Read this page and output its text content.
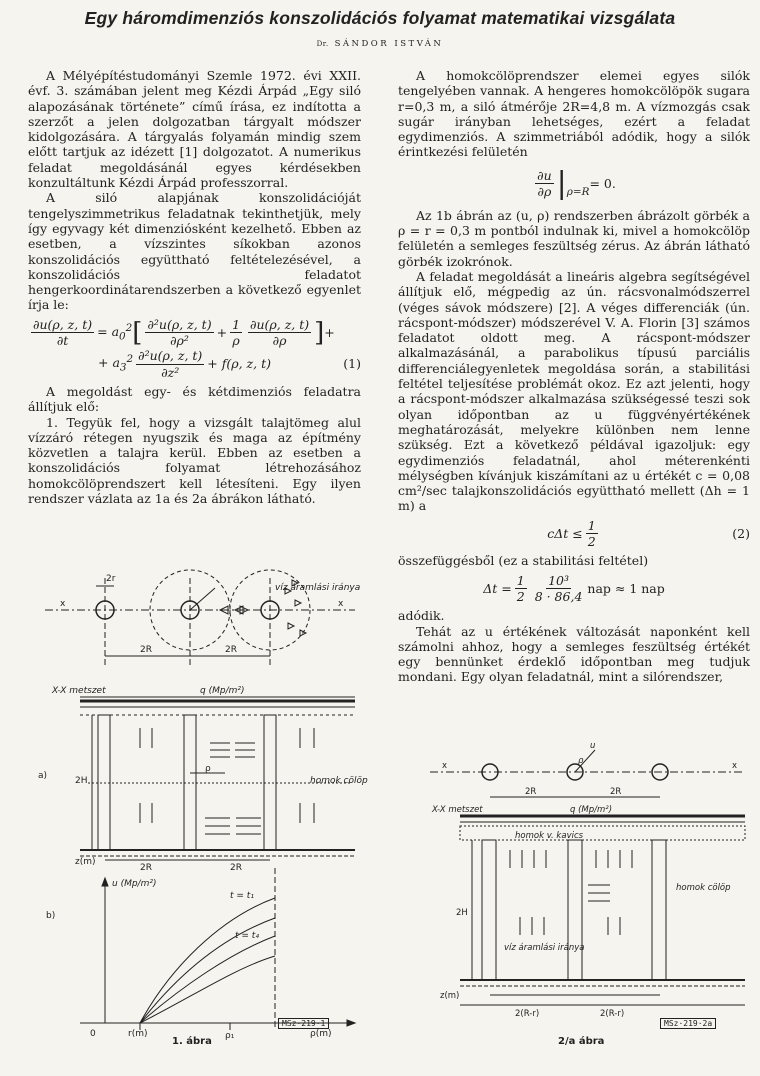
Egy háromdimenziós konszolidációs folyamat matematikai vizsgálata
Dr. SÁNDOR ISTVÁN

A Mélyépítéstudományi Szemle 1972. évi XXII. évf. 3. számában jelent meg Kézdi Árpád „Egy siló alapozásának története” című írása, ez indította a szerzőt a jelen dolgozatban tárgyalt módszer kidolgozására. A tárgyalás folyamán mindig szem előtt tartjuk az idézett [1] dolgozatot. A numerikus feladat megoldásánál egyes kérdésekben konzultáltunk Kézdi Árpád professzorral.

A siló alapjának konszolidációját tengelyszimmetrikus feladatnak tekinthetjük, mely így egyvagy két dimenziósként kezelhető. Ebben az esetben, a vízszintes síkokban azonos konszolidációs együttható feltételezésével, a konszolidációs feladatot hengerkoordinátarendszerben a következő egyenlet írja le:

$\frac{\partial u(\rho, z, t)}{\partial t} = a_0^2$ [ $\frac{\text{∂²u(ρ, z, t)}}{\text{∂ρ²}} + \frac{1}{\rho} \frac{\partial u(\rho, z, t)}{\partial\rho}$ ] +
+ $a_3^2 \frac{\text{∂²u(ρ, z, t)}}{\text{∂z²}} + f(\rho$, z, t)	(1)

A megoldást egy- és kétdimenziós feladatra állítjuk elő:

1. Tegyük fel, hogy a vizsgált talajtömeg alul vízzáró rétegen nyugszik és maga az építmény közvetlen a talajra kerül. Ebben az esetben a konszolidációs folyamat létrehozásához homokcölöprendszert kell létesíteni. Egy ilyen rendszer vázlata az 1a és 2a ábrákon látható.

A homokcölöprendszer elemei egyes silók tengelyében vannak. A hengeres homokcölöpök sugara r=0,3 m, a siló átmérője 2R=4,8 m. A vízmozgás csak sugár irányban lehetséges, ezért a feladat egydimenziós. A szimmetriából adódik, hogy a silók érintkezési felületén

$\frac{\partial u}{\partial\rho} |_{\rho=R}$
= 0.

Az 1b ábrán az (u, ρ) rendszerben ábrázolt görbék a ρ = r = 0,3 m pontból indulnak ki, mivel a homokcölöp felületén a semleges feszültség zérus. Az ábrán látható görbék izokrónok.

A feladat megoldását a lineáris algebra segítségével állítjuk elő, mégpedig az ún. rácsvonalmódszerrel (véges sávok módszere) [2]. A véges differenciák (ún. rácspont-módszer) módszerével V. A. Florin [3] számos feladatot oldott meg. A rácspont-módszer alkalmazásánál, a parabolikus típusú parciális differenciálegyenletek megoldása során, a stabilitási feltétel teljesítése problémát okoz. Ez azt jelenti, hogy a rácspont-módszer alkalmazása szükségessé teszi sok olyan időpontban az u függvényértékének meghatározását, melyekre különben nem lenne szükség. Ezt a következő példával igazoljuk: egy egydimenziós feladatnál, ahol méterenkénti mélységben kívánjuk kiszámítani az u értékét c = 0,08 cm²/sec talajkonszolidációs együttható mellett (Δh = 1 m) a

$c\Delta t \le \frac{1}{2}$	(2)

összefüggésből (ez a stabilitási feltétel)

$\Delta t = \frac{1}{2} \frac{\text{10³}}{8 \cdot 86,4}$ nap ≈ 1 nap

adódik.

Tehát az u értékének változását naponként kell számolni ahhoz, hogy a semleges feszültség értékét egy bennünket érdeklő időpontban meg tudjuk mondani. Egy olyan feladatnál, mint a silórendszer,

x	x
2r
2R	2R
víz áramlási iránya
X-X metszet	q (Mp/m²)
homok cölöp
2H
a)
ρ
z(m)
2R	2R
b)
u (Mp/m²)
t = t₁
t = t₄
0	r(m)	ρ₁	ρ(m)
1. ábra
MSz·219·1
x	x
2R	2R
u
ρ
X-X metszet	q (Mp/m²)
homok v. kavics
homok cölöp
2H
víz áramlási iránya
z(m)
2(R-r)	2(R-r)
2/a ábra
MSz·219·2a
